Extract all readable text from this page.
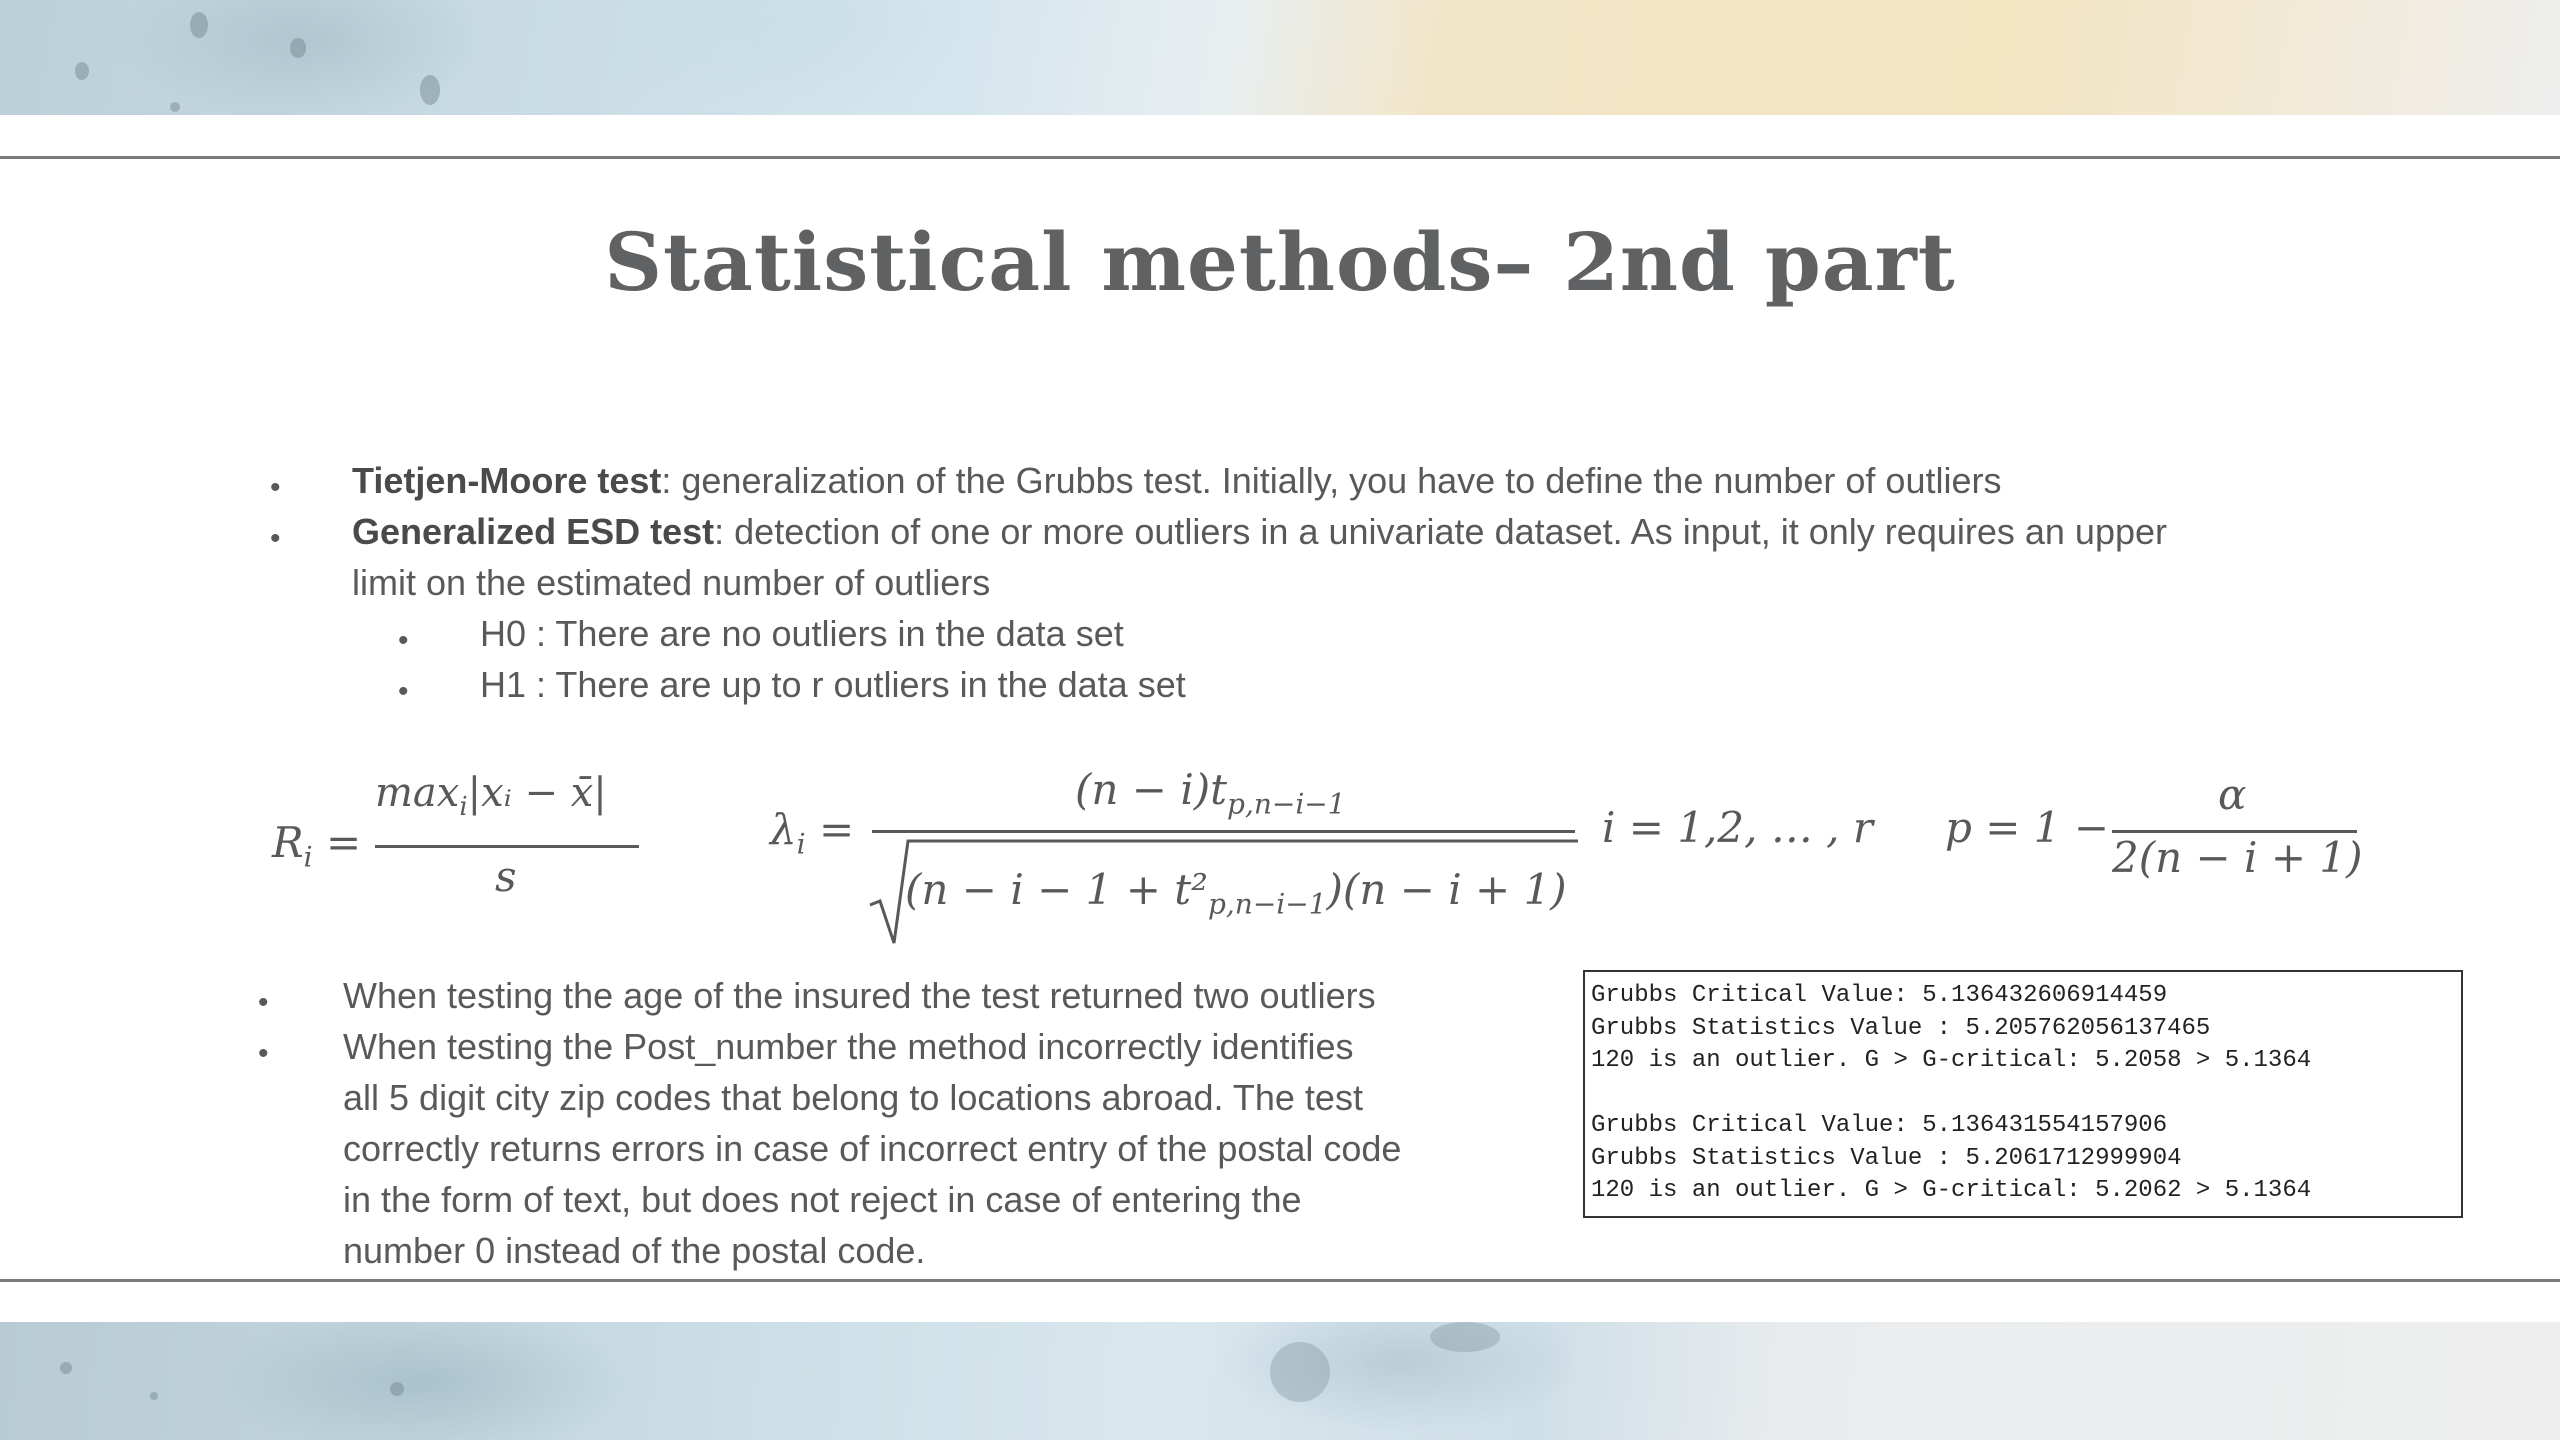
Statistical methods– 2nd part
• Tietjen-Moore test: generalization of the Grubbs test. Initially, you have to define the number of outliers
• Generalized ESD test: detection of one or more outliers in a univariate dataset. As input, it only requires an upper
limit on the estimated number of outliers
• H0 : There are no outliers in the data set
• H1 : There are up to r outliers in the data set
$R_i$ =
$\max_i|xᵢ$ − x̄|
s
$\lambda_i$ =
$(n - i)t_{p,n-i-1}$
$(n - i - 1 + t^2_{p,n-i-1})(n - i + 1)$
i = 1,2, … , r p = 1 −
α
2(n − i + 1)
• When testing the age of the insured the test returned two outliers
• When testing the Post_number the method incorrectly identifies
all 5 digit city zip codes that belong to locations abroad. The test
correctly returns errors in case of incorrect entry of the postal code
in the form of text, but does not reject in case of entering the
number 0 instead of the postal code.
Grubbs Critical Value: 5.136432606914459
Grubbs Statistics Value : 5.205762056137465
120 is an outlier. G > G-critical: 5.2058 > 5.1364
Grubbs Critical Value: 5.136431554157906
Grubbs Statistics Value : 5.2061712999904
120 is an outlier. G > G-critical: 5.2062 > 5.1364
